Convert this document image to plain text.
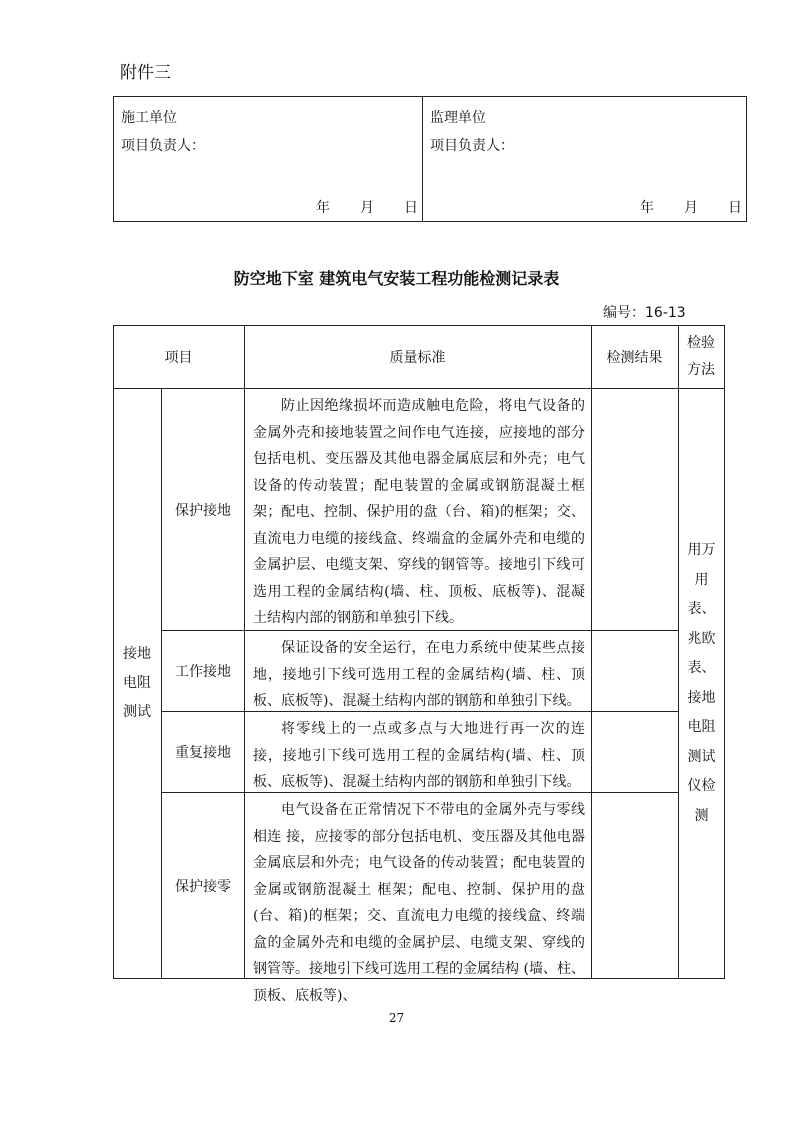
附件三
施工单位
项目负责人：
年 月 日
监理单位
项目负责人：
年 月 日
防空地下室 建筑电气安装工程功能检测记录表
编号：16-13
项目	质量标准	检测结果
检验方法
接地电阻测试
用万用表、兆欧表、接地电阻测试仪检测
保护接地
防止因绝缘损坏而造成触电危险，将电气设备的金属外壳和接地装置之间作电气连接，应接地的部分包括电机、变压器及其他电器金属底层和外壳；电气设备的传动装置；配电装置的金属或钢筋混凝土框架；配电、控制、保护用的盘（台、箱)的框架；交、直流电力电缆的接线盒、终端盒的金属外壳和电缆的金属护层、电缆支架、穿线的钢管等。接地引下线可选用工程的金属结构(墙、柱、顶板、底板等)、混凝土结构内部的钢筋和单独引下线。
工作接地
保证设备的安全运行，在电力系统中使某些点接地，接地引下线可选用工程的金属结构(墙、柱、顶板、底板等)、混凝土结构内部的钢筋和单独引下线。
重复接地
将零线上的一点或多点与大地进行再一次的连接，接地引下线可选用工程的金属结构(墙、柱、顶板、底板等)、混凝土结构内部的钢筋和单独引下线。
保护接零
电气设备在正常情况下不带电的金属外壳与零线相连 接，应接零的部分包括电机、变压器及其他电器金属底层和外壳；电气设备的传动装置；配电装置的金属或钢筋混凝土 框架；配电、控制、保护用的盘(台、箱)的框架；交、直流电力电缆的接线盒、终端盒的金属外壳和电缆的金属护层、电缆支架、穿线的钢管等。接地引下线可选用工程的金属结构 (墙、柱、顶板、底板等)、
27
